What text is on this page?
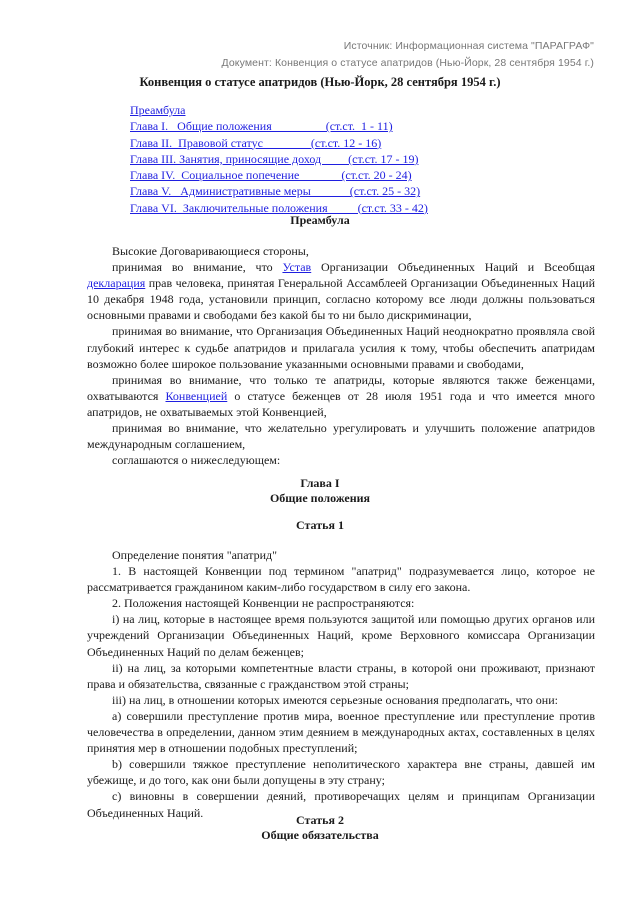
Источник: Информационная система "ПАРАГРАФ"
Документ: Конвенция о статусе апатридов (Нью-Йорк, 28 сентября 1954 г.)
Конвенция о статусе апатридов (Нью-Йорк, 28 сентября 1954 г.)
Преамбула
Глава I.   Общие положения                  (ст.ст.  1 - 11)
Глава II.  Правовой статус                (ст.ст. 12 - 16)
Глава III. Занятия, приносящие доход         (ст.ст. 17 - 19)
Глава IV.  Социальное попечение              (ст.ст. 20 - 24)
Глава V.   Административные меры             (ст.ст. 25 - 32)
Глава VI.  Заключительные положения          (ст.ст. 33 - 42)
Преамбула

Высокие Договаривающиеся стороны,

принимая во внимание, что Устав Организации Объединенных Наций и Всеобщая декларация прав человека, принятая Генеральной Ассамблеей Организации Объединенных Наций 10 декабря 1948 года, установили принцип, согласно которому все люди должны пользоваться основными правами и свободами без какой бы то ни было дискриминации,

принимая во внимание, что Организация Объединенных Наций неоднократно проявляла свой глубокий интерес к судьбе апатридов и прилагала усилия к тому, чтобы обеспечить апатридам возможно более широкое пользование указанными основными правами и свободами,

принимая во внимание, что только те апатриды, которые являются также беженцами, охватываются Конвенцией о статусе беженцев от 28 июля 1951 года и что имеется много апатридов, не охватываемых этой Конвенцией,

принимая во внимание, что желательно урегулировать и улучшить положение апатридов международным соглашением,

соглашаются о нижеследующем:

Глава I
Общие положения
Статья 1

Определение понятия "апатрид"

1. В настоящей Конвенции под термином "апатрид" подразумевается лицо, которое не рассматривается гражданином каким-либо государством в силу его закона.

2. Положения настоящей Конвенции не распространяются:

i) на лиц, которые в настоящее время пользуются защитой или помощью других органов или учреждений Организации Объединенных Наций, кроме Верховного комиссара Организации Объединенных Наций по делам беженцев;

ii) на лиц, за которыми компетентные власти страны, в которой они проживают, признают права и обязательства, связанные с гражданством этой страны;

iii) на лиц, в отношении которых имеются серьезные основания предполагать, что они:

a) совершили преступление против мира, военное преступление или преступление против человечества в определении, данном этим деянием в международных актах, составленных в целях принятия мер в отношении подобных преступлений;

b) совершили тяжкое преступление неполитического характера вне страны, давшей им убежище, и до того, как они были допущены в эту страну;

c) виновны в совершении деяний, противоречащих целям и принципам Организации Объединенных Наций.

Статья 2
Общие обязательства
